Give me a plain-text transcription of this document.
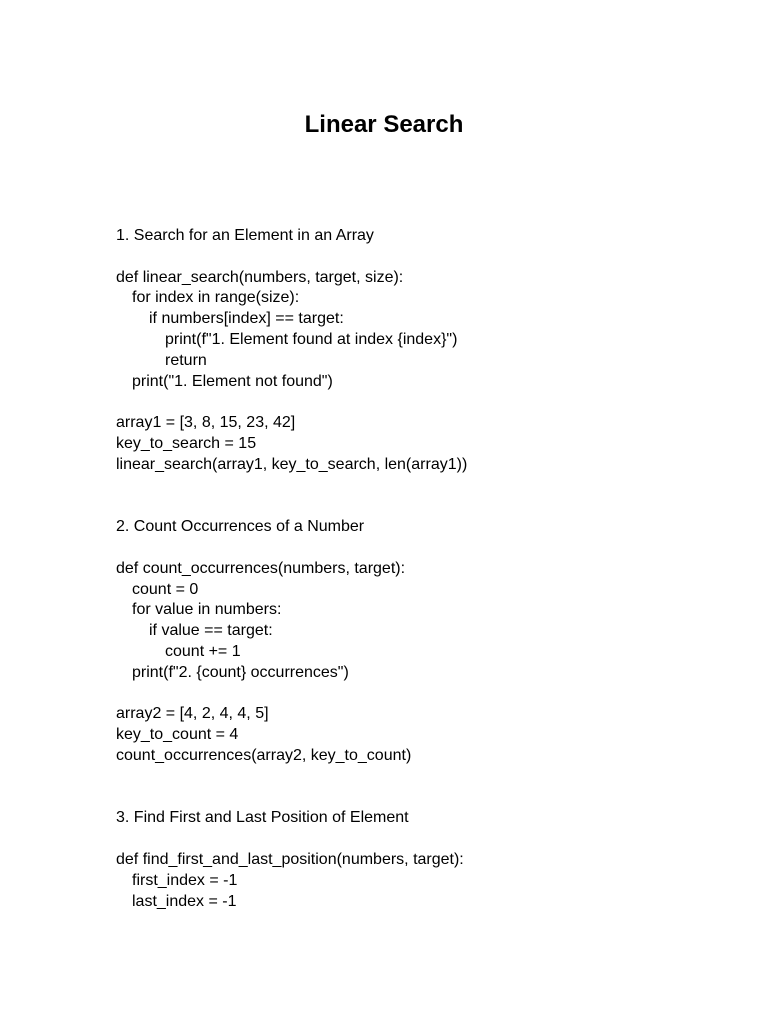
Linear Search
1. Search for an Element in an Array
def linear_search(numbers, target, size):
for index in range(size):
if numbers[index] == target:
print(f"1. Element found at index {index}")
return
print("1. Element not found")
array1 = [3, 8, 15, 23, 42]
key_to_search = 15
linear_search(array1, key_to_search, len(array1))
2. Count Occurrences of a Number
def count_occurrences(numbers, target):
count = 0
for value in numbers:
if value == target:
count += 1
print(f"2. {count} occurrences")
array2 = [4, 2, 4, 4, 5]
key_to_count = 4
count_occurrences(array2, key_to_count)
3. Find First and Last Position of Element
def find_first_and_last_position(numbers, target):
first_index = -1
last_index = -1
